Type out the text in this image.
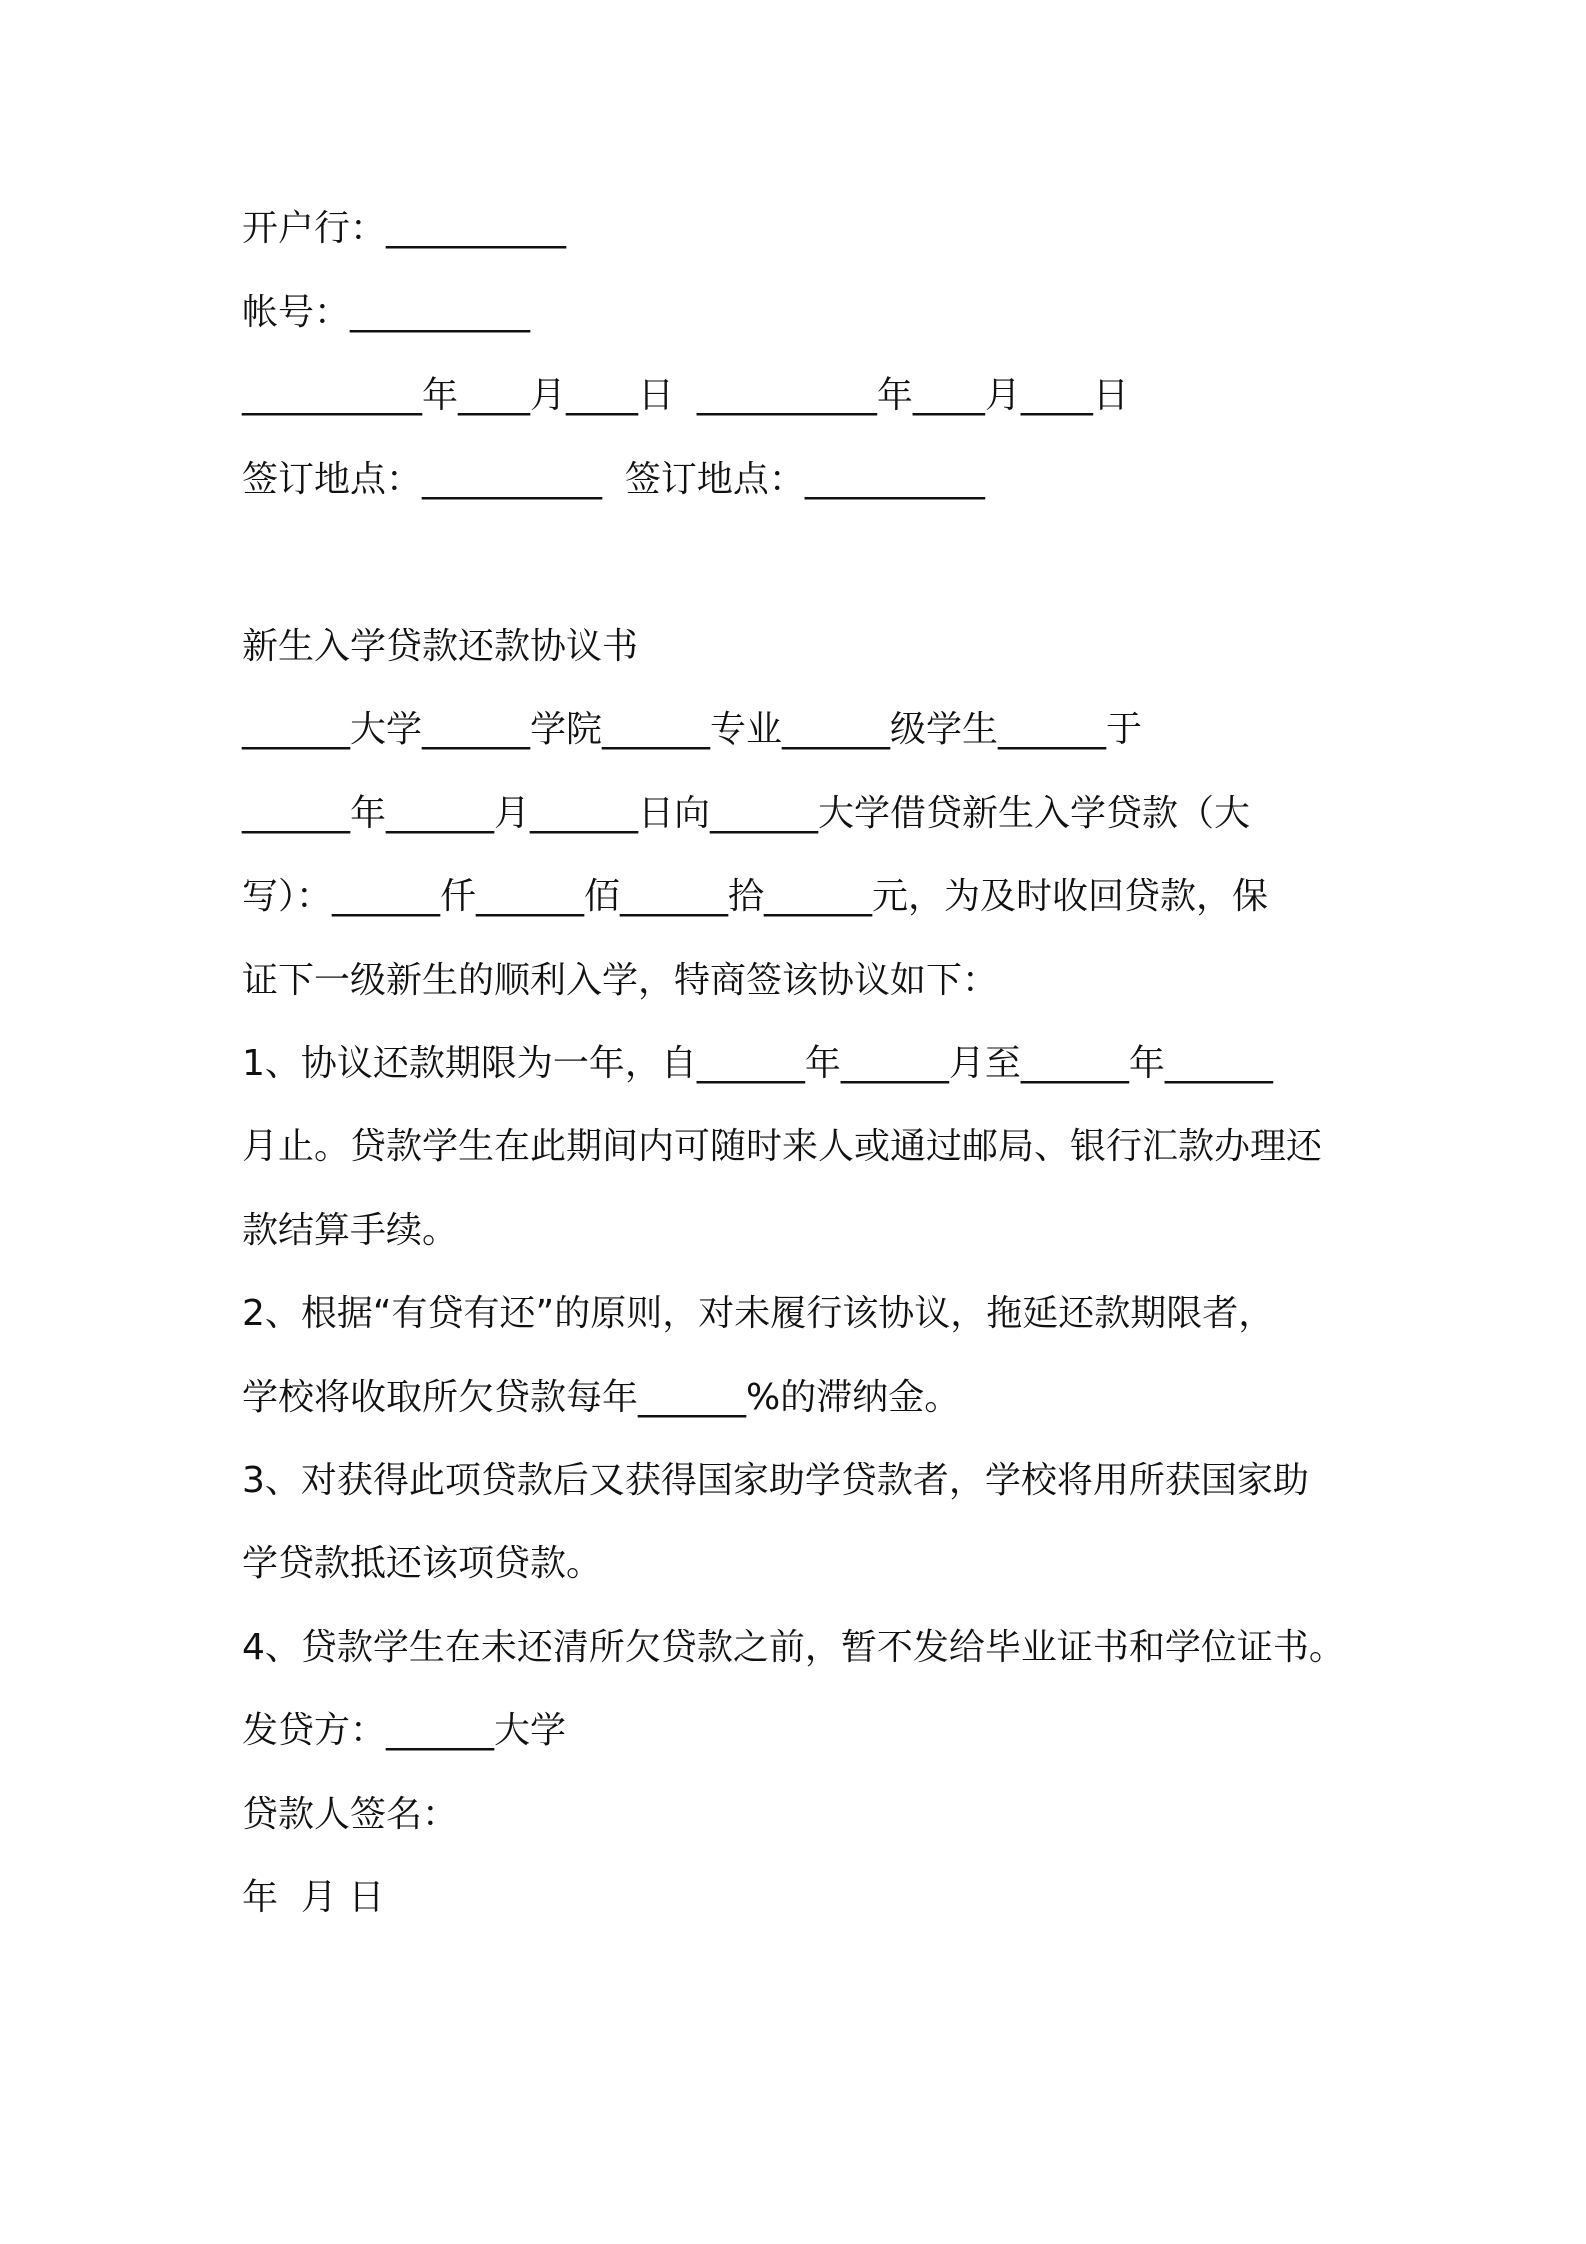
开户行：__________
帐号：__________
__________年____月____日  __________年____月____日
签订地点：__________  签订地点：__________
新生入学贷款还款协议书
______大学______学院______专业______级学生______于
______年______月______日向______大学借贷新生入学贷款（大
写）：______仟______佰______拾______元，为及时收回贷款，保
证下一级新生的顺利入学，特商签该协议如下：
1、协议还款期限为一年，自______年______月至______年______
月止。贷款学生在此期间内可随时来人或通过邮局、银行汇款办理还
款结算手续。
2、根据“有贷有还”的原则，对未履行该协议，拖延还款期限者，
学校将收取所欠贷款每年______%的滞纳金。
3、对获得此项贷款后又获得国家助学贷款者，学校将用所获国家助
学贷款抵还该项贷款。
4、贷款学生在未还清所欠贷款之前，暂不发给毕业证书和学位证书。
发贷方：______大学
贷款人签名：
年  月 日
